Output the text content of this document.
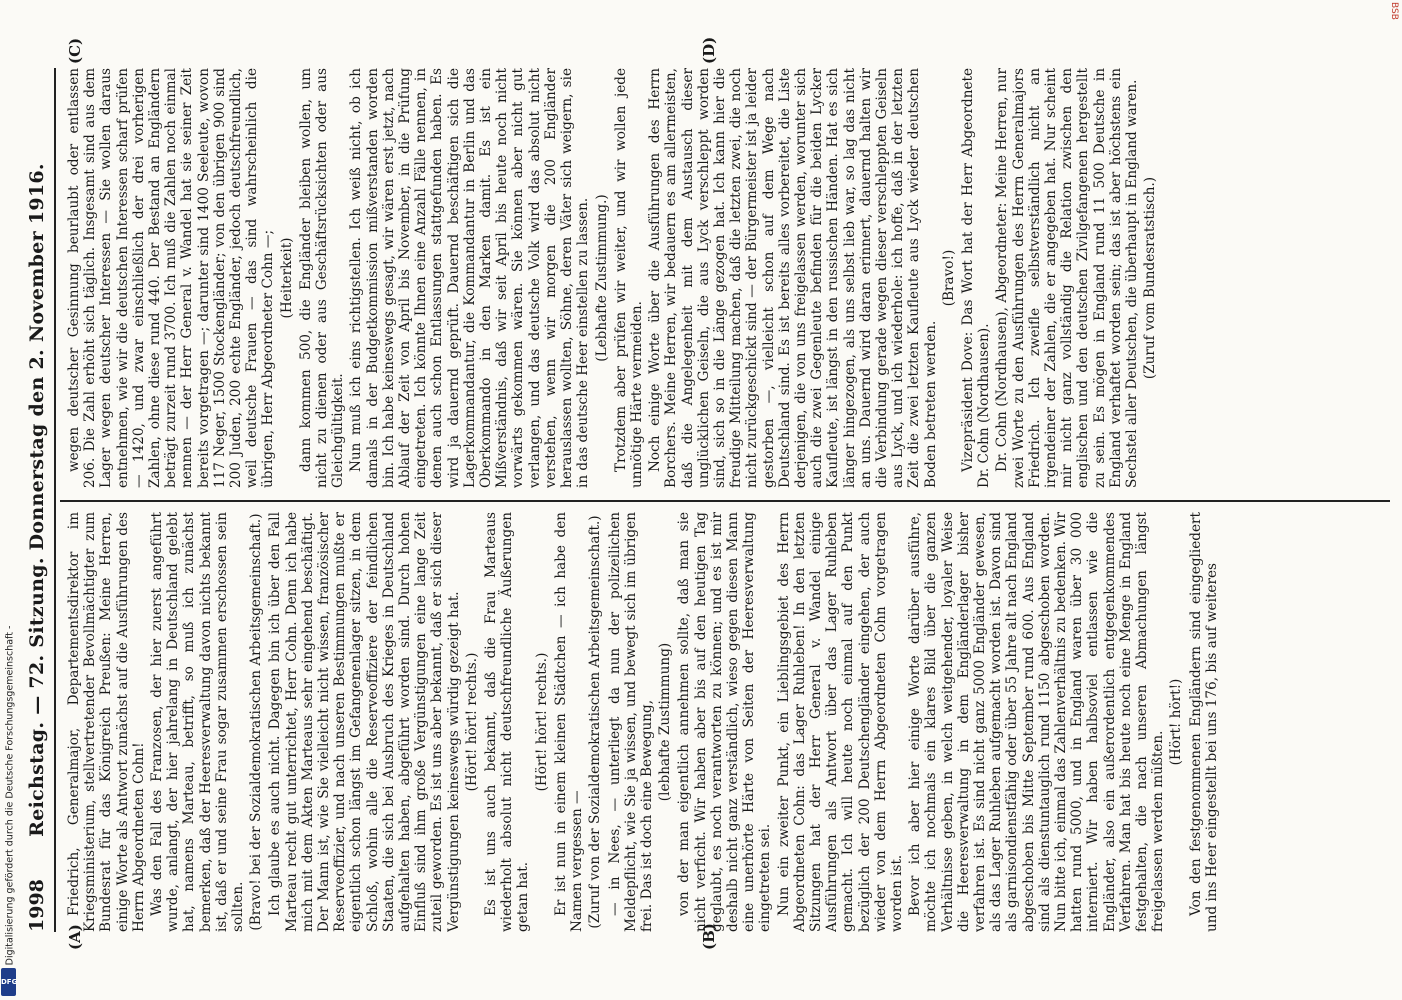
1998
Reichstag. — 72. Sitzung. Donnerstag den 2. November 1916.
(A)	(B)
(C)	(D)

Friedrich, Generalmajor, Departementsdirektor im Kriegsministerium, stellvertretender Bevollmächtigter zum Bundesrat für das Königreich Preußen: Meine Herren, einige Worte als Antwort zunächst auf die Ausführungen des Herrn Abgeordneten Cohn! Was den Fall des Franzosen, der hier zuerst angeführt wurde, anlangt, der hier jahrelang in Deutschland gelebt hat, namens Marteau, betrifft, so muß ich zunächst bemerken, daß der Heeresverwaltung davon nichts bekannt ist, daß er und seine Frau sogar zusammen erschossen sein sollten. (Bravo! bei der Sozialdemokratischen Arbeitsgemeinschaft.) Ich glaube es auch nicht. Dagegen bin ich über den Fall Marteau recht gut unterrichtet, Herr Cohn. Denn ich habe mich mit dem Akten Marteaus sehr eingehend beschäftigt. Der Mann ist, wie Sie vielleicht nicht wissen, französischer Reserveoffizier, und nach unseren Bestimmungen mußte er eigentlich schon längst im Gefangenenlager sitzen, in dem Schloß, wohin alle die Reserveoffiziere der feindlichen Staaten, die sich bei Ausbruch des Krieges in Deutschland aufgehalten haben, abgeführt worden sind. Durch hohen Einfluß sind ihm große Vergünstigungen eine lange Zeit zuteil geworden. Es ist uns aber bekannt, daß er sich dieser Vergünstigungen keineswegs würdig gezeigt hat. (Hört! hört! rechts.) Es ist uns auch bekannt, daß die Frau Marteaus wiederholt absolut nicht deutschfreundliche Äußerungen getan hat.

(Hört! hört! rechts.) Er ist nun in einem kleinen Städtchen — ich habe den Namen vergessen — (Zuruf von der Sozialdemokratischen Arbeitsgemeinschaft.) — in Nees, — unterliegt da nun der polizeilichen Meldepflicht, wie Sie ja wissen, und bewegt sich im übrigen frei. Das ist doch eine Bewegung, (lebhafte Zustimmung) von der man eigentlich annehmen sollte, daß man sie nicht verficht. Wir haben aber bis auf den heutigen Tag geglaubt, es noch verantworten zu können; und es ist mir deshalb nicht ganz verständlich, wieso gegen diesen Mann eine unerhörte Härte von Seiten der Heeresverwaltung eingetreten sei. Nun ein zweiter Punkt, ein Lieblingsgebiet des Herrn Abgeordneten Cohn: das Lager Ruhleben! In den letzten Sitzungen hat der Herr General v. Wandel einige Ausführungen als Antwort über das Lager Ruhleben gemacht. Ich will heute noch einmal auf den Punkt bezüglich der 200 Deutschengländer eingehen, der auch wieder von dem Herrn Abgeordneten Cohn vorgetragen worden ist. Bevor ich aber hier einige Worte darüber ausführe, möchte ich nochmals ein klares Bild über die ganzen Verhältnisse geben, in welch weitgehender, loyaler Weise die Heeresverwaltung in dem Engländerlager bisher verfahren ist. Es sind nicht ganz 5000 Engländer gewesen, als das Lager Ruhleben aufgemacht worden ist. Davon sind als garnisondienstfähig oder über 55 Jahre alt nach England abgeschoben bis Mitte September rund 600. Aus England sind als dienstuntauglich rund 1150 abgeschoben worden. Nun bitte ich, einmal das Zahlenverhältnis zu bedenken. Wir hatten rund 5000, und in England waren über 30 000 interniert. Wir haben halbsoviel entlassen wie die Engländer, also ein außerordentlich entgegenkommendes Verfahren. Man hat bis heute noch eine Menge in England festgehalten, die nach unseren Abmachungen längst freigelassen werden müßten.

(Hört! hört!) Von den festgenommenen Engländern sind eingegliedert und ins Heer eingestellt bei uns 176, bis auf weiteres

wegen deutscher Gesinnung beurlaubt oder entlassen 206. Die Zahl erhöht sich täglich. Insgesamt sind aus dem Lager wegen deutscher Interessen — Sie wollen daraus entnehmen, wie wir die deutschen Interessen scharf prüfen — 1420, und zwar einschließlich der drei vorherigen Zahlen, ohne diese rund 440. Der Bestand an Engländern beträgt zurzeit rund 3700. Ich muß die Zahlen noch einmal nennen — der Herr General v. Wandel hat sie seiner Zeit bereits vorgetragen —; darunter sind 1400 Seeleute, wovon 117 Neger, 1500 Stockengländer; von den übrigen 900 sind 200 Juden, 200 echte Engländer, jedoch deutschfreundlich, weil deutsche Frauen — das sind wahrscheinlich die übrigen, Herr Abgeordneter Cohn —; (Heiterkeit) dann kommen 500, die Engländer bleiben wollen, um nicht zu dienen oder aus Geschäftsrücksichten oder aus Gleichgültigkeit. Nun muß ich eins richtigstellen. Ich weiß nicht, ob ich damals in der Budgetkommission mißverstanden worden bin. Ich habe keineswegs gesagt, wir wären erst jetzt, nach Ablauf der Zeit von April bis November, in die Prüfung eingetreten. Ich könnte Ihnen eine Anzahl Fälle nennen, in denen auch schon Entlassungen stattgefunden haben. Es wird ja dauernd geprüft. Dauernd beschäftigen sich die Lagerkommandantur, die Kommandantur in Berlin und das Oberkommando in den Marken damit. Es ist ein Mißverständnis, daß wir seit April bis heute noch nicht vorwärts gekommen wären. Sie können aber nicht gut verlangen, und das deutsche Volk wird das absolut nicht verstehen, wenn wir morgen die 200 Engländer herauslassen wollten, Söhne, deren Väter sich weigern, sie in das deutsche Heer einstellen zu lassen. (Lebhafte Zustimmung.) Trotzdem aber prüfen wir weiter, und wir wollen jede unnötige Härte vermeiden. Noch einige Worte über die Ausführungen des Herrn Borchers. Meine Herren, wir bedauern es am allermeisten, daß die Angelegenheit mit dem Austausch dieser unglücklichen Geiseln, die aus Lyck verschleppt worden sind, sich so in die Länge gezogen hat. Ich kann hier die freudige Mitteilung machen, daß die letzten zwei, die noch nicht zurückgeschickt sind — der Bürgermeister ist ja leider gestorben —, vielleicht schon auf dem Wege nach Deutschland sind. Es ist bereits alles vorbereitet, die Liste derjenigen, die von uns freigelassen werden, worunter sich auch die zwei Gegenleute befinden für die beiden Lycker Kaufleute, ist längst in den russischen Händen. Hat es sich länger hingezogen, als uns selbst lieb war, so lag das nicht an uns. Dauernd wird daran erinnert, dauernd halten wir die Verbindung gerade wegen dieser verschleppten Geiseln aus Lyck, und ich wiederhole: ich hoffe, daß in der letzten Zeit die zwei letzten Kaufleute aus Lyck wieder deutschen Boden betreten werden.

(Bravo!) Vizepräsident Dove: Das Wort hat der Herr Abgeordnete Dr. Cohn (Nordhausen). Dr. Cohn (Nordhausen), Abgeordneter: Meine Herren, nur zwei Worte zu den Ausführungen des Herrn Generalmajors Friedrich. Ich zweifle selbstverständlich nicht an irgendeiner der Zahlen, die er angegeben hat. Nur scheint mir nicht ganz vollständig die Relation zwischen den englischen und den deutschen Zivilgefangenen hergestellt zu sein. Es mögen in England rund 11 500 Deutsche in England verhaftet worden sein; das ist aber höchstens ein Sechstel aller Deutschen, die überhaupt in England waren. (Zuruf vom Bundesratstisch.)

BSB
Digitalisierung gefördert durch die Deutsche Forschungsgemeinschaft -
DFG
